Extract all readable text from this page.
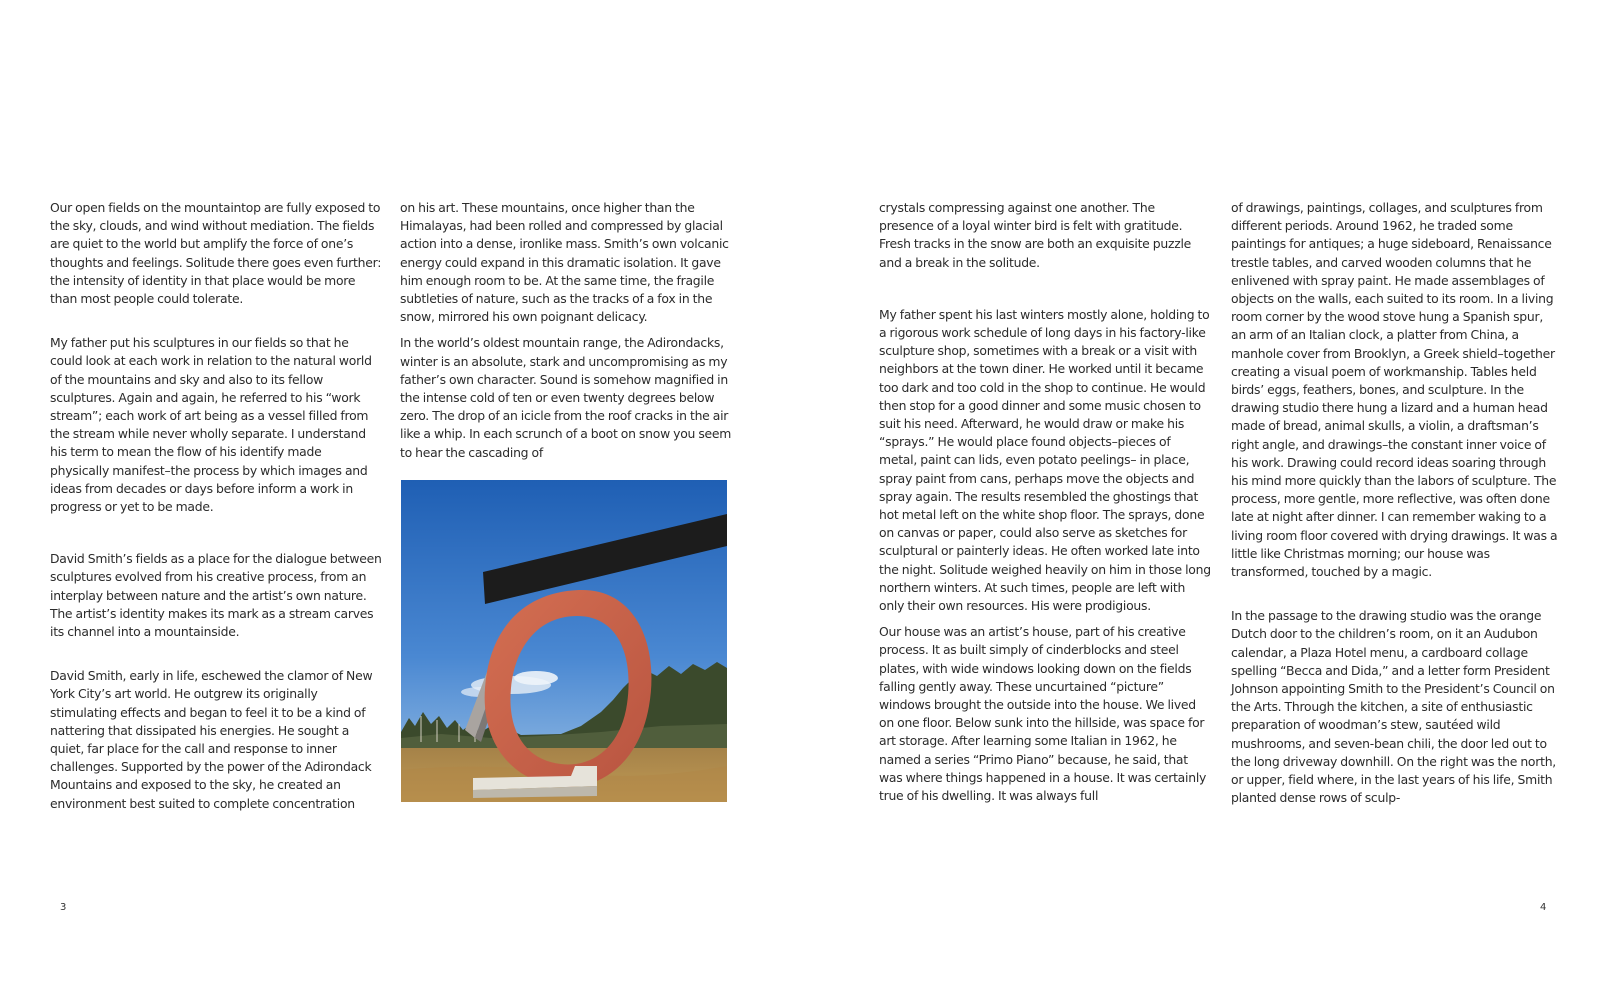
Our open fields on the mountaintop are fully exposed to the sky, clouds, and wind without mediation. The fields are quiet to the world but amplify the force of one’s thoughts and feelings. Solitude there goes even further: the intensity of identity in that place would be more than most people could tolerate.

My father put his sculptures in our fields so that he could look at each work in relation to the natural world of the mountains and sky and also to its fellow sculptures. Again and again, he referred to his “work stream”; each work of art being as a vessel filled from the stream while never wholly separate. I understand his term to mean the flow of his identify made physically manifest–the process by which images and ideas from decades or days before inform a work in progress or yet to be made.

David Smith’s fields as a place for the dialogue between sculptures evolved from his creative process, from an interplay between nature and the artist’s own nature. The artist’s identity makes its mark as a stream carves its channel into a mountainside.

David Smith, early in life, eschewed the clamor of New York City’s art world. He outgrew its originally stimulating effects and began to feel it to be a kind of nattering that dissipated his energies. He sought a quiet, far place for the call and response to inner challenges. Supported by the power of the Adirondack Mountains and exposed to the sky, he created an environment best suited to complete concentration

on his art. These mountains, once higher than the Himalayas, had been rolled and compressed by glacial action into a dense, ironlike mass. Smith’s own volcanic energy could expand in this dramatic isolation. It gave him enough room to be. At the same time, the fragile subtleties of nature, such as the tracks of a fox in the snow, mirrored his own poignant delicacy.

In the world’s oldest mountain range, the Adirondacks, winter is an absolute, stark and uncompromising as my father’s own character. Sound is somehow magnified in the intense cold of ten or even twenty degrees below zero. The drop of an icicle from the roof cracks in the air like a whip. In each scrunch of a boot on snow you seem to hear the cascading of

3

crystals compressing against one another. The presence of a loyal winter bird is felt with gratitude. Fresh tracks in the snow are both an exquisite puzzle and a break in the solitude.

My father spent his last winters mostly alone, holding to a rigorous work schedule of long days in his factory-like sculpture shop, sometimes with a break or a visit with neighbors at the town diner. He worked until it became too dark and too cold in the shop to continue. He would then stop for a good dinner and some music chosen to suit his need. Afterward, he would draw or make his “sprays.” He would place found objects–pieces of metal, paint can lids, even potato peelings– in place, spray paint from cans, perhaps move the objects and spray again. The results resembled the ghostings that hot metal left on the white shop floor. The sprays, done on canvas or paper, could also serve as sketches for sculptural or painterly ideas. He often worked late into the night. Solitude weighed heavily on him in those long northern winters. At such times, people are left with only their own resources. His were prodigious.

Our house was an artist’s house, part of his creative process. It as built simply of cinderblocks and steel plates, with wide windows looking down on the fields falling gently away. These uncurtained “picture” windows brought the outside into the house. We lived on one floor. Below sunk into the hillside, was space for art storage. After learning some Italian in 1962, he named a series “Primo Piano” because, he said, that was where things happened in a house. It was certainly true of his dwelling. It was always full

of drawings, paintings, collages, and sculptures from different periods. Around 1962, he traded some paintings for antiques; a huge sideboard, Renaissance trestle tables, and carved wooden columns that he enlivened with spray paint. He made assemblages of objects on the walls, each suited to its room. In a living room corner by the wood stove hung a Spanish spur, an arm of an Italian clock, a platter from China, a manhole cover from Brooklyn, a Greek shield–together creating a visual poem of workmanship. Tables held birds’ eggs, feathers, bones, and sculpture. In the drawing studio there hung a lizard and a human head made of bread, animal skulls, a violin, a draftsman’s right angle, and drawings–the constant inner voice of his work. Drawing could record ideas soaring through his mind more quickly than the labors of sculpture. The process, more gentle, more reflective, was often done late at night after dinner. I can remember waking to a living room floor covered with drying drawings. It was a little like Christmas morning; our house was transformed, touched by a magic.

In the passage to the drawing studio was the orange Dutch door to the children’s room, on it an Audubon calendar, a Plaza Hotel menu, a cardboard collage spelling “Becca and Dida,” and a letter form President Johnson appointing Smith to the President’s Council on the Arts. Through the kitchen, a site of enthusiastic preparation of woodman’s stew, sautéed wild mushrooms, and seven-bean chili, the door led out to the long driveway downhill. On the right was the north, or upper, field where, in the last years of his life, Smith planted dense rows of sculp-

4
